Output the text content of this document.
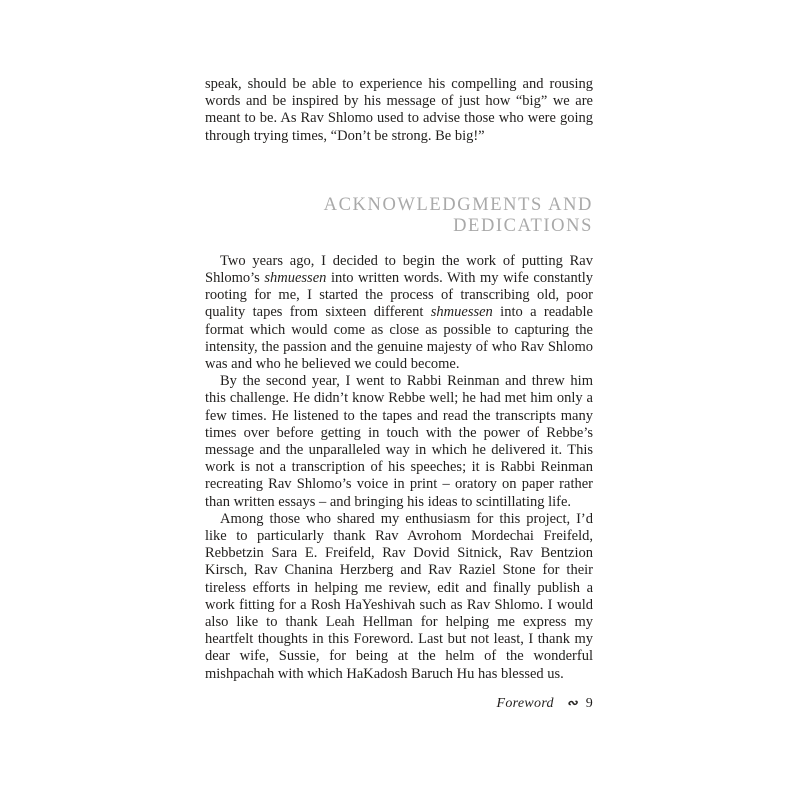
speak, should be able to experience his compelling and rousing words and be inspired by his message of just how “big” we are meant to be. As Rav Shlomo used to advise those who were going through trying times, “Don’t be strong. Be big!”

ACKNOWLEDGMENTS AND
DEDICATIONS

Two years ago, I decided to begin the work of putting Rav Shlomo’s shmuessen into written words. With my wife constantly rooting for me, I started the process of transcribing old, poor quality tapes from sixteen different shmuessen into a readable format which would come as close as possible to capturing the intensity, the passion and the genuine majesty of who Rav Shlomo was and who he believed we could become.

By the second year, I went to Rabbi Reinman and threw him this challenge. He didn’t know Rebbe well; he had met him only a few times. He listened to the tapes and read the transcripts many times over before getting in touch with the power of Rebbe’s message and the unparalleled way in which he delivered it. This work is not a transcription of his speeches; it is Rabbi Reinman recreating Rav Shlomo’s voice in print – oratory on paper rather than written essays – and bringing his ideas to scintillating life.

Among those who shared my enthusiasm for this project, I’d like to particularly thank Rav Avrohom Mordechai Freifeld, Rebbetzin Sara E. Freifeld, Rav Dovid Sitnick, Rav Bentzion Kirsch, Rav Chanina Herzberg and Rav Raziel Stone for their tireless efforts in helping me review, edit and finally publish a work fitting for a Rosh HaYeshivah such as Rav Shlomo. I would also like to thank Leah Hellman for helping me express my heartfelt thoughts in this Foreword. Last but not least, I thank my dear wife, Sussie, for being at the helm of the wonderful mishpachah with which HaKadosh Baruch Hu has blessed us.

Foreword ∾ 9
